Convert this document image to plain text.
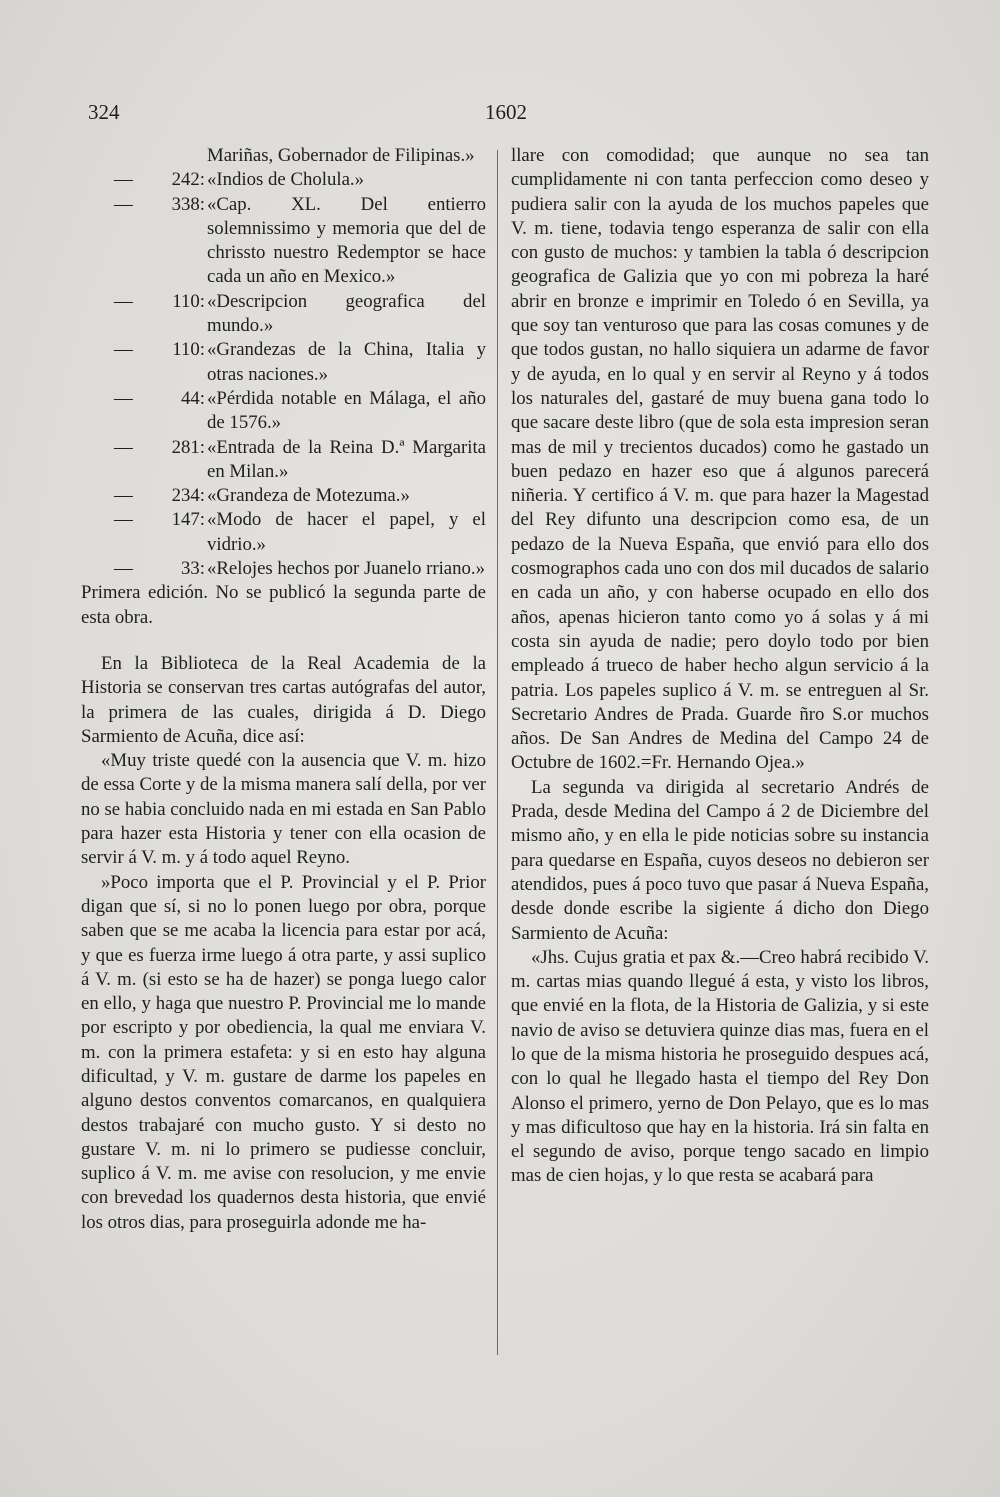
324	1602

Mariñas, Gobernador de Filipinas.»

—	242: «Indios de Cholula.»
—	338: «Cap. XL. Del entierro solemnissimo y memoria que del de chrissto nuestro Redemptor se hace cada un año en Mexico.»
—	110: «Descripcion geografica del mundo.»
—	110: «Grandezas de la China, Italia y otras naciones.»
—	44: «Pérdida notable en Málaga, el año de 1576.»
—	281: «Entrada de la Reina D.ª Margarita en Milan.»
—	234: «Grandeza de Motezuma.»
—	147: «Modo de hacer el papel, y el vidrio.»
—	33: «Relojes hechos por Juanelo rriano.»

Primera edición. No se publicó la segunda parte de esta obra.

En la Biblioteca de la Real Academia de la Historia se conservan tres cartas autógrafas del autor, la primera de las cuales, dirigida á D. Diego Sarmiento de Acuña, dice así:

«Muy triste quedé con la ausencia que V. m. hizo de essa Corte y de la misma manera salí della, por ver no se habia concluido nada en mi estada en San Pablo para hazer esta Historia y tener con ella ocasion de servir á V. m. y á todo aquel Reyno.

»Poco importa que el P. Provincial y el P. Prior digan que sí, si no lo ponen luego por obra, porque saben que se me acaba la licencia para estar por acá, y que es fuerza irme luego á otra parte, y assi suplico á V. m. (si esto se ha de hazer) se ponga luego calor en ello, y haga que nuestro P. Provincial me lo mande por escripto y por obediencia, la qual me enviara V. m. con la primera estafeta: y si en esto hay alguna dificultad, y V. m. gustare de darme los papeles en alguno destos conventos comarcanos, en qualquiera destos trabajaré con mucho gusto. Y si desto no gustare V. m. ni lo primero se pudiesse concluir, suplico á V. m. me avise con resolucion, y me envie con brevedad los quadernos desta historia, que envié los otros dias, para proseguirla adonde me ha-

llare con comodidad; que aunque no sea tan cumplidamente ni con tanta perfeccion como deseo y pudiera salir con la ayuda de los muchos papeles que V. m. tiene, todavia tengo esperanza de salir con ella con gusto de muchos: y tambien la tabla ó descripcion geografica de Galizia que yo con mi pobreza la haré abrir en bronze e imprimir en Toledo ó en Sevilla, ya que soy tan venturoso que para las cosas comunes y de que todos gustan, no hallo siquiera un adarme de favor y de ayuda, en lo qual y en servir al Reyno y á todos los naturales del, gastaré de muy buena gana todo lo que sacare deste libro (que de sola esta impresion seran mas de mil y trecientos ducados) como he gastado un buen pedazo en hazer eso que á algunos parecerá niñeria. Y certifico á V. m. que para hazer la Magestad del Rey difunto una descripcion como esa, de un pedazo de la Nueva España, que envió para ello dos cosmographos cada uno con dos mil ducados de salario en cada un año, y con haberse ocupado en ello dos años, apenas hicieron tanto como yo á solas y á mi costa sin ayuda de nadie; pero doylo todo por bien empleado á trueco de haber hecho algun servicio á la patria. Los papeles suplico á V. m. se entreguen al Sr. Secretario Andres de Prada. Guarde ñro S.or muchos años. De San Andres de Medina del Campo 24 de Octubre de 1602.=Fr. Hernando Ojea.»

La segunda va dirigida al secretario Andrés de Prada, desde Medina del Campo á 2 de Diciembre del mismo año, y en ella le pide noticias sobre su instancia para quedarse en España, cuyos deseos no debieron ser atendidos, pues á poco tuvo que pasar á Nueva España, desde donde escribe la sigiente á dicho don Diego Sarmiento de Acuña:

«Jhs. Cujus gratia et pax &.—Creo habrá recibido V. m. cartas mias quando llegué á esta, y visto los libros, que envié en la flota, de la Historia de Galizia, y si este navio de aviso se detuviera quinze dias mas, fuera en el lo que de la misma historia he proseguido despues acá, con lo qual he llegado hasta el tiempo del Rey Don Alonso el primero, yerno de Don Pelayo, que es lo mas y mas dificultoso que hay en la historia. Irá sin falta en el segundo de aviso, porque tengo sacado en limpio mas de cien hojas, y lo que resta se acabará para
